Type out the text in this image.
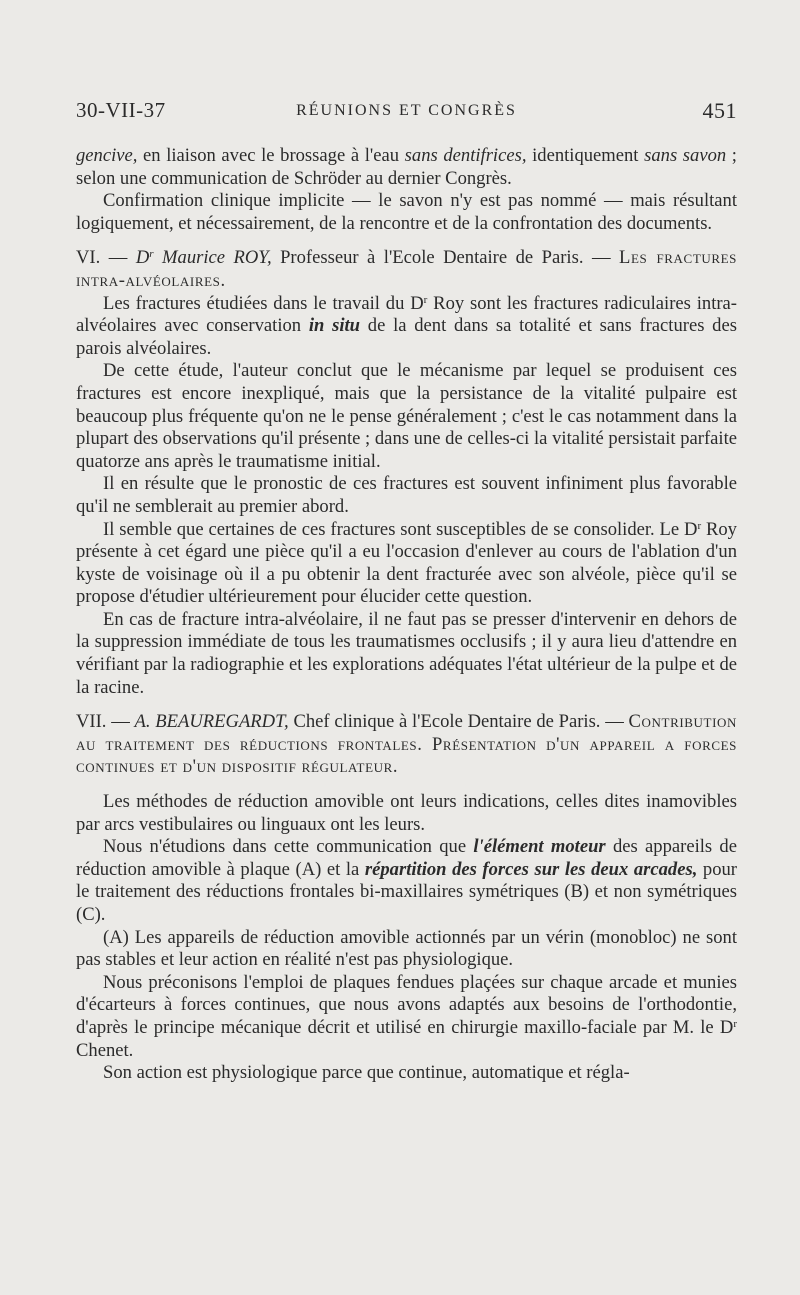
30-VII-37	RÉUNIONS ET CONGRÈS	451

gencive, en liaison avec le brossage à l'eau sans dentifrices, identiquement sans savon ; selon une communication de Schröder au dernier Congrès.

Confirmation clinique implicite — le savon n'y est pas nommé — mais résultant logiquement, et nécessairement, de la rencontre et de la confrontation des documents.

VI. — $D^r$ Maurice ROY, Professeur à l'Ecole Dentaire de Paris. — Les fractures intra-alvéolaires.

Les fractures étudiées dans le travail du $D^r$ Roy sont les fractures radiculaires intra-alvéolaires avec conservation in situ de la dent dans sa totalité et sans fractures des parois alvéolaires.

De cette étude, l'auteur conclut que le mécanisme par lequel se produisent ces fractures est encore inexpliqué, mais que la persistance de la vitalité pulpaire est beaucoup plus fréquente qu'on ne le pense généralement ; c'est le cas notamment dans la plupart des observations qu'il présente ; dans une de celles-ci la vitalité persistait parfaite quatorze ans après le traumatisme initial.

Il en résulte que le pronostic de ces fractures est souvent infiniment plus favorable qu'il ne semblerait au premier abord.

Il semble que certaines de ces fractures sont susceptibles de se consolider. Le $D^r$ Roy présente à cet égard une pièce qu'il a eu l'occasion d'enlever au cours de l'ablation d'un kyste de voisinage où il a pu obtenir la dent fracturée avec son alvéole, pièce qu'il se propose d'étudier ultérieurement pour élucider cette question.

En cas de fracture intra-alvéolaire, il ne faut pas se presser d'intervenir en dehors de la suppression immédiate de tous les traumatismes occlusifs ; il y aura lieu d'attendre en vérifiant par la radiographie et les explorations adéquates l'état ultérieur de la pulpe et de la racine.

VII. — A. BEAUREGARDT, Chef clinique à l'Ecole Dentaire de Paris. — Contribution au traitement des réductions frontales. Présentation d'un appareil a forces continues et d'un dispositif régulateur.

Les méthodes de réduction amovible ont leurs indications, celles dites inamovibles par arcs vestibulaires ou linguaux ont les leurs.

Nous n'étudions dans cette communication que l'élément moteur des appareils de réduction amovible à plaque (A) et la répartition des forces sur les deux arcades, pour le traitement des réductions frontales bi-maxillaires symétriques (B) et non symétriques (C).

(A) Les appareils de réduction amovible actionnés par un vérin (monobloc) ne sont pas stables et leur action en réalité n'est pas physiologique.

Nous préconisons l'emploi de plaques fendues plaçées sur chaque arcade et munies d'écarteurs à forces continues, que nous avons adaptés aux besoins de l'orthodontie, d'après le principe mécanique décrit et utilisé en chirurgie maxillo-faciale par M. le $D^r$ Chenet.

Son action est physiologique parce que continue, automatique et régla-
